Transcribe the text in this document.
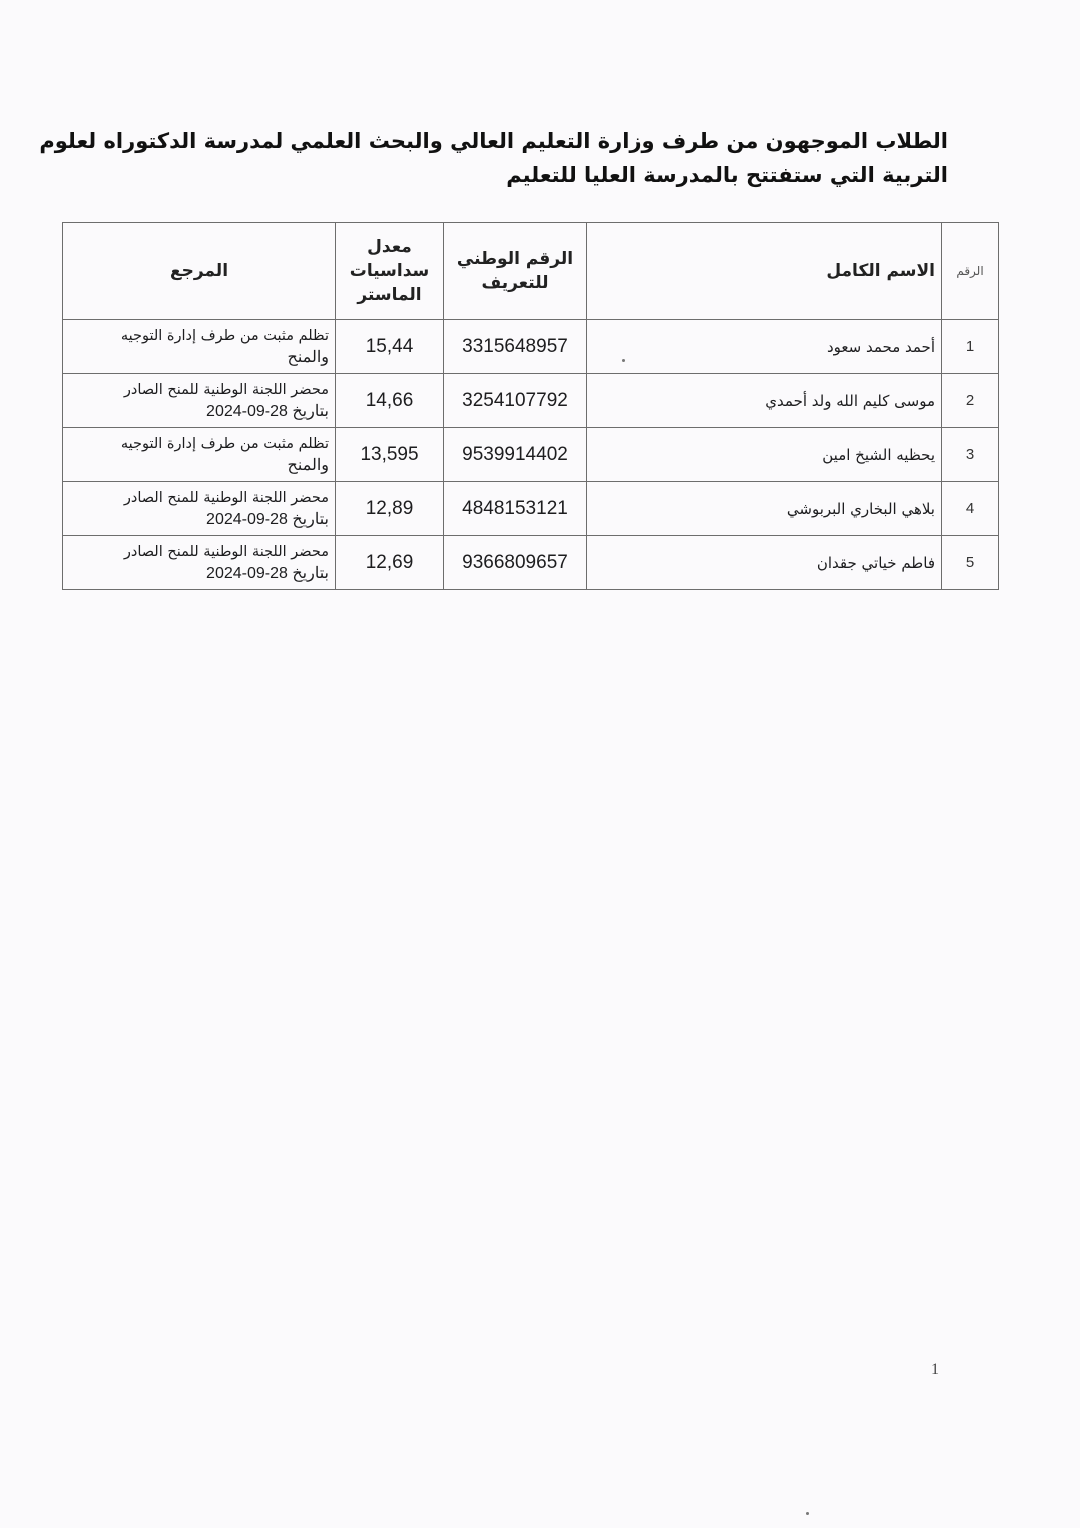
الطلاب الموجهون من طرف وزارة التعليم العالي والبحث العلمي لمدرسة الدكتوراه لعلوم
التربية التي ستفتتح بالمدرسة العليا للتعليم
الرقم	الاسم الكامل	الرقم الوطني للتعريف	معدل سداسيات الماستر	المرجع
1	أحمد محمد سعود	3315648957	15,44	تظلم مثبت من طرف إدارة التوجيه
والمنح

2	موسى كليم الله ولد أحمدي	3254107792	14,66	محضر اللجنة الوطنية للمنح الصادر
بتاريخ 28-09-2024

3	يحظيه الشيخ امين	9539914402	13,595	تظلم مثبت من طرف إدارة التوجيه
والمنح

4	بلاهي البخاري البربوشي	4848153121	12,89	محضر اللجنة الوطنية للمنح الصادر
بتاريخ 28-09-2024

5	فاطم خياتي جقدان	9366809657	12,69	محضر اللجنة الوطنية للمنح الصادر
بتاريخ 28-09-2024
1
